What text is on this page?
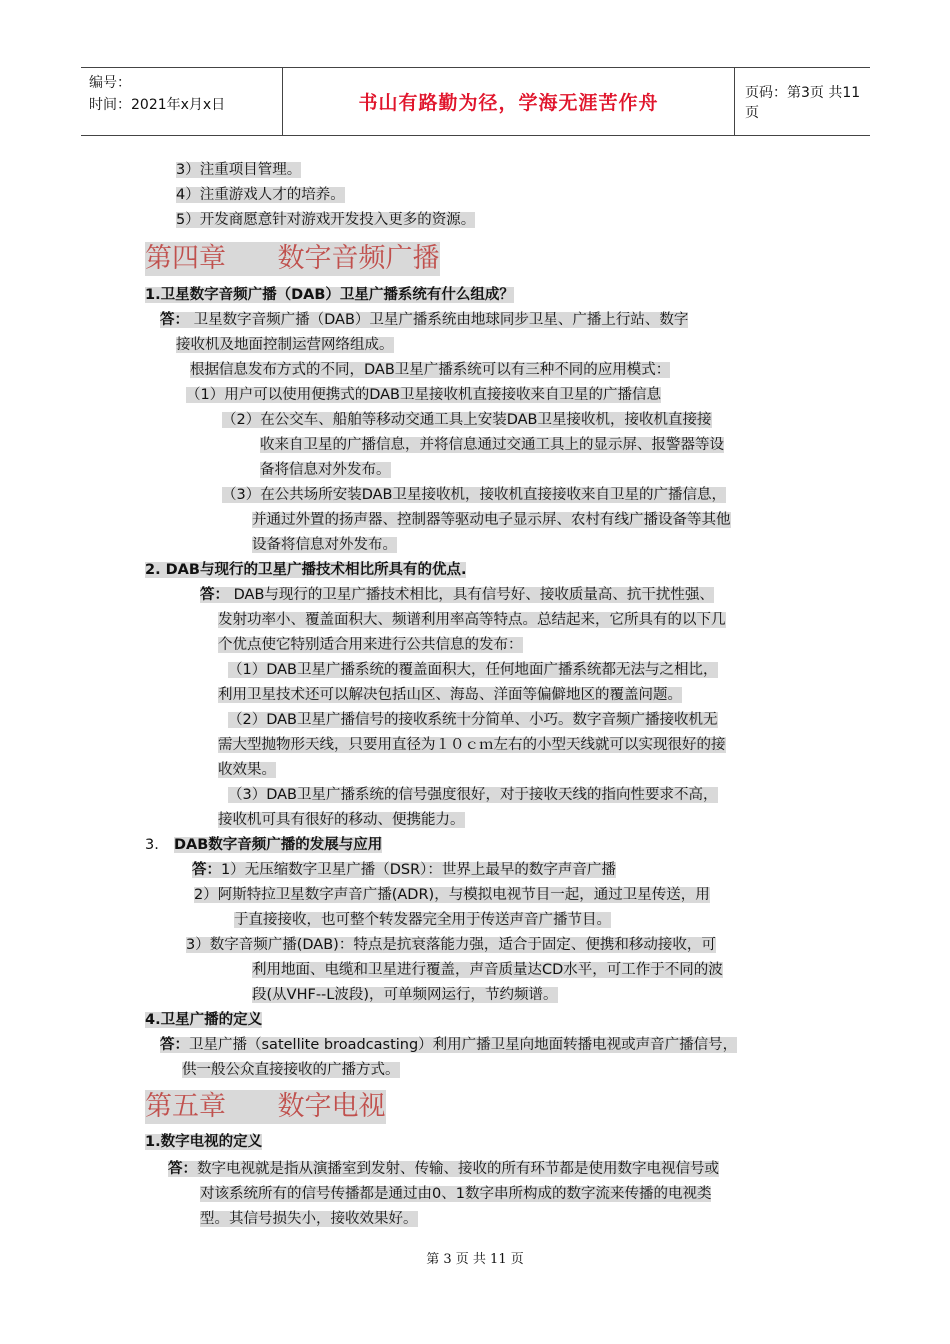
编号：
时间：2021年x月x日	书山有路勤为径，学海无涯苦作舟	页码：第3页 共11页
3）注重项目管理。
4）注重游戏人才的培养。
5）开发商愿意针对游戏开发投入更多的资源。
第四章      数字音频广播
1.卫星数字音频广播（DAB）卫星广播系统有什么组成？
答： 卫星数字音频广播（DAB）卫星广播系统由地球同步卫星、广播上行站、数字
接收机及地面控制运营网络组成。
根据信息发布方式的不同，DAB卫星广播系统可以有三种不同的应用模式：
（1）用户可以使用便携式的DAB卫星接收机直接接收来自卫星的广播信息
（2）在公交车、船舶等移动交通工具上安装DAB卫星接收机，接收机直接接
收来自卫星的广播信息，并将信息通过交通工具上的显示屏、报警器等设
备将信息对外发布。
（3）在公共场所安装DAB卫星接收机，接收机直接接收来自卫星的广播信息，
并通过外置的扬声器、控制器等驱动电子显示屏、农村有线广播设备等其他
设备将信息对外发布。
2. DAB与现行的卫星广播技术相比所具有的优点.
答： DAB与现行的卫星广播技术相比，具有信号好、接收质量高、抗干扰性强、
发射功率小、覆盖面积大、频谱利用率高等特点。总结起来，它所具有的以下几
个优点使它特别适合用来进行公共信息的发布：
（1）DAB卫星广播系统的覆盖面积大，任何地面广播系统都无法与之相比，
利用卫星技术还可以解决包括山区、海岛、洋面等偏僻地区的覆盖问题。
（2）DAB卫星广播信号的接收系统十分简单、小巧。数字音频广播接收机无
需大型抛物形天线，只要用直径为１０ｃｍ左右的小型天线就可以实现很好的接
收效果。
（3）DAB卫星广播系统的信号强度很好，对于接收天线的指向性要求不高，
接收机可具有很好的移动、便携能力。
3. DAB数字音频广播的发展与应用
答：1）无压缩数字卫星广播（DSR）：世界上最早的数字声音广播
2）阿斯特拉卫星数字声音广播(ADR)，与模拟电视节目一起，通过卫星传送，用
于直接接收，也可整个转发器完全用于传送声音广播节目。
3）数字音频广播(DAB)：特点是抗衰落能力强，适合于固定、便携和移动接收，可
利用地面、电缆和卫星进行覆盖，声音质量达CD水平，可工作于不同的波
段(从VHF--L波段)，可单频网运行，节约频谱。
4.卫星广播的定义
答：卫星广播（satellite broadcasting）利用广播卫星向地面转播电视或声音广播信号，
供一般公众直接接收的广播方式。
第五章      数字电视
1.数字电视的定义
答：数字电视就是指从演播室到发射、传输、接收的所有环节都是使用数字电视信号或
对该系统所有的信号传播都是通过由0、1数字串所构成的数字流来传播的电视类
型。其信号损失小，接收效果好。
第 3 页 共 11 页
